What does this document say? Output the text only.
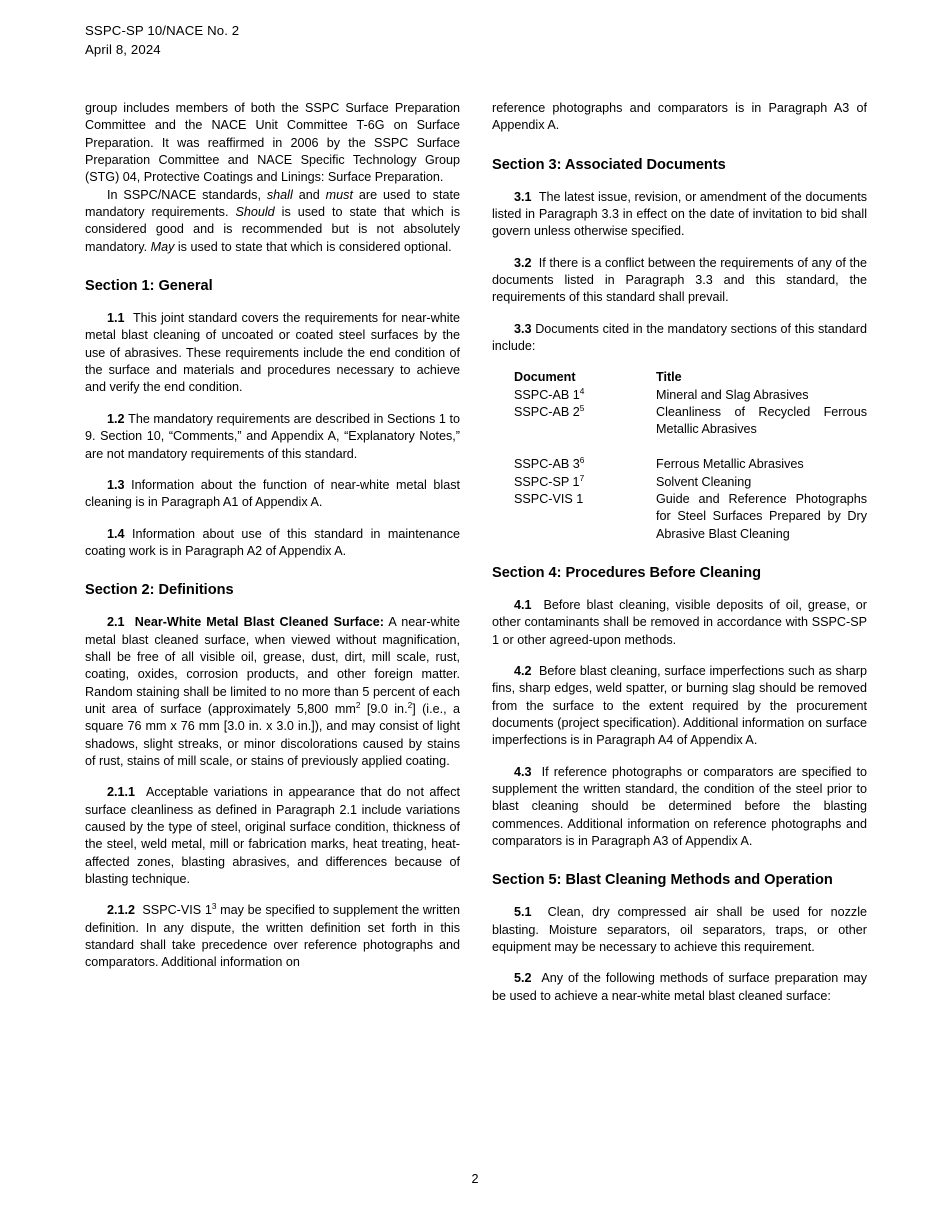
SSPC-SP 10/NACE No. 2
April 8, 2024

group includes members of both the SSPC Surface Preparation Committee and the NACE Unit Committee T-6G on Surface Preparation. It was reaffirmed in 2006 by the SSPC Surface Preparation Committee and NACE Specific Technology Group (STG) 04, Protective Coatings and Linings: Surface Preparation.

In SSPC/NACE standards, shall and must are used to state mandatory requirements. Should is used to state that which is considered good and is recommended but is not absolutely mandatory. May is used to state that which is considered optional.

Section 1: General

1.1 This joint standard covers the requirements for near-white metal blast cleaning of uncoated or coated steel surfaces by the use of abrasives. These requirements include the end condition of the surface and materials and procedures necessary to achieve and verify the end condition.

1.2 The mandatory requirements are described in Sections 1 to 9. Section 10, “Comments,” and Appendix A, “Explanatory Notes,” are not mandatory requirements of this standard.

1.3 Information about the function of near-white metal blast cleaning is in Paragraph A1 of Appendix A.

1.4 Information about use of this standard in maintenance coating work is in Paragraph A2 of Appendix A.

Section 2: Definitions

2.1 Near-White Metal Blast Cleaned Surface: A near-white metal blast cleaned surface, when viewed without magnification, shall be free of all visible oil, grease, dust, dirt, mill scale, rust, coating, oxides, corrosion products, and other foreign matter. Random staining shall be limited to no more than 5 percent of each unit area of surface (approximately 5,800 $mm^2$ [9.0 in.$^2$] (i.e., a square 76 mm x 76 mm [3.0 in. x 3.0 in.]), and may consist of light shadows, slight streaks, or minor discolorations caused by stains of rust, stains of mill scale, or stains of previously applied coating.

2.1.1 Acceptable variations in appearance that do not affect surface cleanliness as defined in Paragraph 2.1 include variations caused by the type of steel, original surface condition, thickness of the steel, weld metal, mill or fabrication marks, heat treating, heat-affected zones, blasting abrasives, and differences because of blasting technique.

2.1.2 SSPC-VIS $1^3$ may be specified to supplement the written definition. In any dispute, the written definition set forth in this standard shall take precedence over reference photographs and comparators. Additional information on

reference photographs and comparators is in Paragraph A3 of Appendix A.

Section 3: Associated Documents

3.1 The latest issue, revision, or amendment of the documents listed in Paragraph 3.3 in effect on the date of invitation to bid shall govern unless otherwise specified.

3.2 If there is a conflict between the requirements of any of the documents listed in Paragraph 3.3 and this standard, the requirements of this standard shall prevail.

3.3 Documents cited in the mandatory sections of this standard include:

Document	Title
SSPC-AB $1^4$	Mineral and Slag Abrasives
SSPC-AB $2^5$	Cleanliness of Recycled Ferrous Metallic Abrasives
SSPC-AB $3^6$	Ferrous Metallic Abrasives
SSPC-SP $1^7$	Solvent Cleaning
SSPC-VIS 1	Guide and Reference Photographs for Steel Surfaces Prepared by Dry Abrasive Blast Cleaning
Section 4: Procedures Before Cleaning

4.1 Before blast cleaning, visible deposits of oil, grease, or other contaminants shall be removed in accordance with SSPC-SP 1 or other agreed-upon methods.

4.2 Before blast cleaning, surface imperfections such as sharp fins, sharp edges, weld spatter, or burning slag should be removed from the surface to the extent required by the procurement documents (project specification). Additional information on surface imperfections is in Paragraph A4 of Appendix A.

4.3 If reference photographs or comparators are specified to supplement the written standard, the condition of the steel prior to blast cleaning should be determined before the blasting commences. Additional information on reference photographs and comparators is in Paragraph A3 of Appendix A.

Section 5: Blast Cleaning Methods and Operation

5.1 Clean, dry compressed air shall be used for nozzle blasting. Moisture separators, oil separators, traps, or other equipment may be necessary to achieve this requirement.

5.2 Any of the following methods of surface preparation may be used to achieve a near-white metal blast cleaned surface:

2
